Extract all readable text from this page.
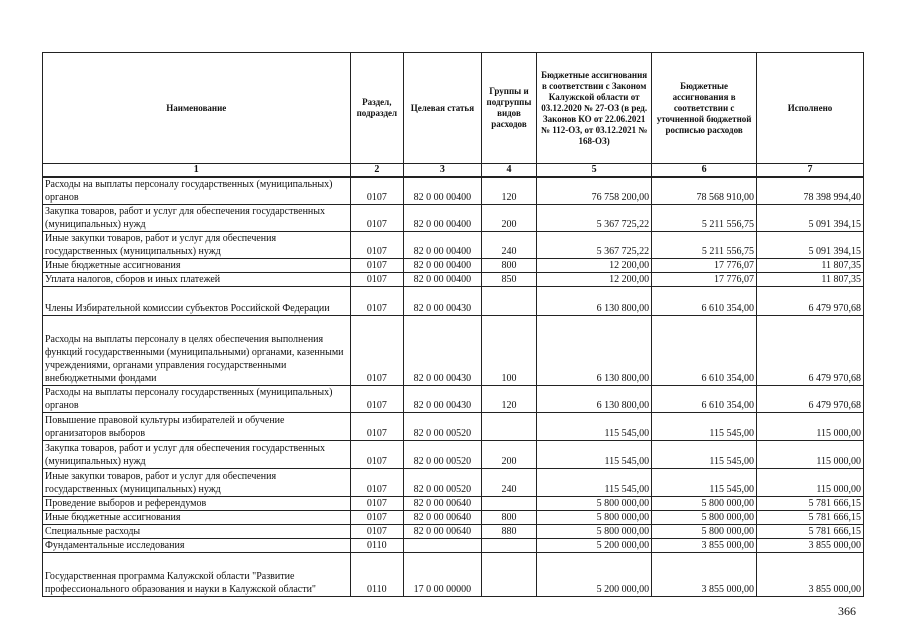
Наименование	Раздел, подраздел	Целевая статья	Группы и подгруппы видов расходов	Бюджетные ассигнования в соответствии с Законом Калужской области от 03.12.2020 № 27-ОЗ (в ред. Законов КО от 22.06.2021 № 112-ОЗ, от 03.12.2021 № 168-ОЗ)	Бюджетные ассигнования в соответствии с уточненной бюджетной росписью расходов	Исполнено
1	2	3	4	5	6	7
Расходы на выплаты персоналу государственных (муниципальных) органов	0107	82 0 00 00400	120	76 758 200,00	78 568 910,00	78 398 994,40
Закупка товаров, работ и услуг для обеспечения государственных (муниципальных) нужд	0107	82 0 00 00400	200	5 367 725,22	5 211 556,75	5 091 394,15
Иные закупки товаров, работ и услуг для обеспечения государственных (муниципальных) нужд	0107	82 0 00 00400	240	5 367 725,22	5 211 556,75	5 091 394,15
Иные бюджетные ассигнования	0107	82 0 00 00400	800	12 200,00	17 776,07	11 807,35
Уплата налогов, сборов и иных платежей	0107	82 0 00 00400	850	12 200,00	17 776,07	11 807,35
Члены Избирательной комиссии субъектов Российской Федерации	0107	82 0 00 00430		6 130 800,00	6 610 354,00	6 479 970,68
Расходы на выплаты персоналу в целях обеспечения выполнения функций государственными (муниципальными) органами, казенными учреждениями, органами управления государственными внебюджетными фондами	0107	82 0 00 00430	100	6 130 800,00	6 610 354,00	6 479 970,68
Расходы на выплаты персоналу государственных (муниципальных) органов	0107	82 0 00 00430	120	6 130 800,00	6 610 354,00	6 479 970,68
Повышение правовой культуры избирателей и обучение организаторов выборов	0107	82 0 00 00520		115 545,00	115 545,00	115 000,00
Закупка товаров, работ и услуг для обеспечения государственных (муниципальных) нужд	0107	82 0 00 00520	200	115 545,00	115 545,00	115 000,00
Иные закупки товаров, работ и услуг для обеспечения государственных (муниципальных) нужд	0107	82 0 00 00520	240	115 545,00	115 545,00	115 000,00
Проведение выборов и референдумов	0107	82 0 00 00640		5 800 000,00	5 800 000,00	5 781 666,15
Иные бюджетные ассигнования	0107	82 0 00 00640	800	5 800 000,00	5 800 000,00	5 781 666,15
Специальные расходы	0107	82 0 00 00640	880	5 800 000,00	5 800 000,00	5 781 666,15
Фундаментальные исследования	0110			5 200 000,00	3 855 000,00	3 855 000,00
Государственная программа Калужской области "Развитие профессионального образования и науки в Калужской области"	0110	17 0 00 00000		5 200 000,00	3 855 000,00	3 855 000,00
366
